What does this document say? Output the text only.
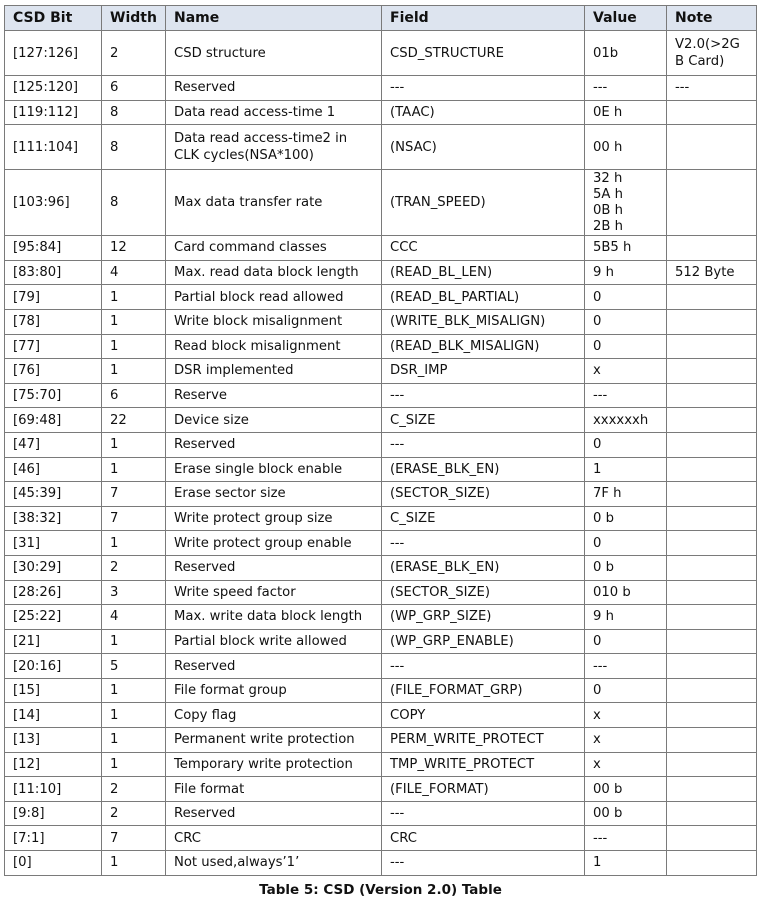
CSD Bit	Width	Name	Field	Value	Note
[127:126]	2	CSD structure	CSD_STRUCTURE	01b	V2.0(>2G
B Card)
[125:120]	6	Reserved	---	---	---
[119:112]	8	Data read access-time 1	(TAAC)	0E h	
[111:104]	8	Data read access-time2 in
CLK cycles(NSA*100)	(NSAC)	00 h	
[103:96]	8	Max data transfer rate	(TRAN_SPEED)	32 h
5A h
0B h
2B h	
[95:84]	12	Card command classes	CCC	5B5 h	
[83:80]	4	Max. read data block length	(READ_BL_LEN)	9 h	512 Byte
[79]	1	Partial block read allowed	(READ_BL_PARTIAL)	0	
[78]	1	Write block misalignment	(WRITE_BLK_MISALIGN)	0	
[77]	1	Read block misalignment	(READ_BLK_MISALIGN)	0	
[76]	1	DSR implemented	DSR_IMP	x	
[75:70]	6	Reserve	---	---	
[69:48]	22	Device size	C_SIZE	xxxxxxh	
[47]	1	Reserved	---	0	
[46]	1	Erase single block enable	(ERASE_BLK_EN)	1	
[45:39]	7	Erase sector size	(SECTOR_SIZE)	7F h	
[38:32]	7	Write protect group size	C_SIZE	0 b	
[31]	1	Write protect group enable	---	0	
[30:29]	2	Reserved	(ERASE_BLK_EN)	0 b	
[28:26]	3	Write speed factor	(SECTOR_SIZE)	010 b	
[25:22]	4	Max. write data block length	(WP_GRP_SIZE)	9 h	
[21]	1	Partial block write allowed	(WP_GRP_ENABLE)	0	
[20:16]	5	Reserved	---	---	
[15]	1	File format group	(FILE_FORMAT_GRP)	0	
[14]	1	Copy flag	COPY	x	
[13]	1	Permanent write protection	PERM_WRITE_PROTECT	x	
[12]	1	Temporary write protection	TMP_WRITE_PROTECT	x	
[11:10]	2	File format	(FILE_FORMAT)	00 b	
[9:8]	2	Reserved	---	00 b	
[7:1]	7	CRC	CRC	---	
[0]	1	Not used,always’1’	---	1	
Table 5: CSD (Version 2.0) Table
